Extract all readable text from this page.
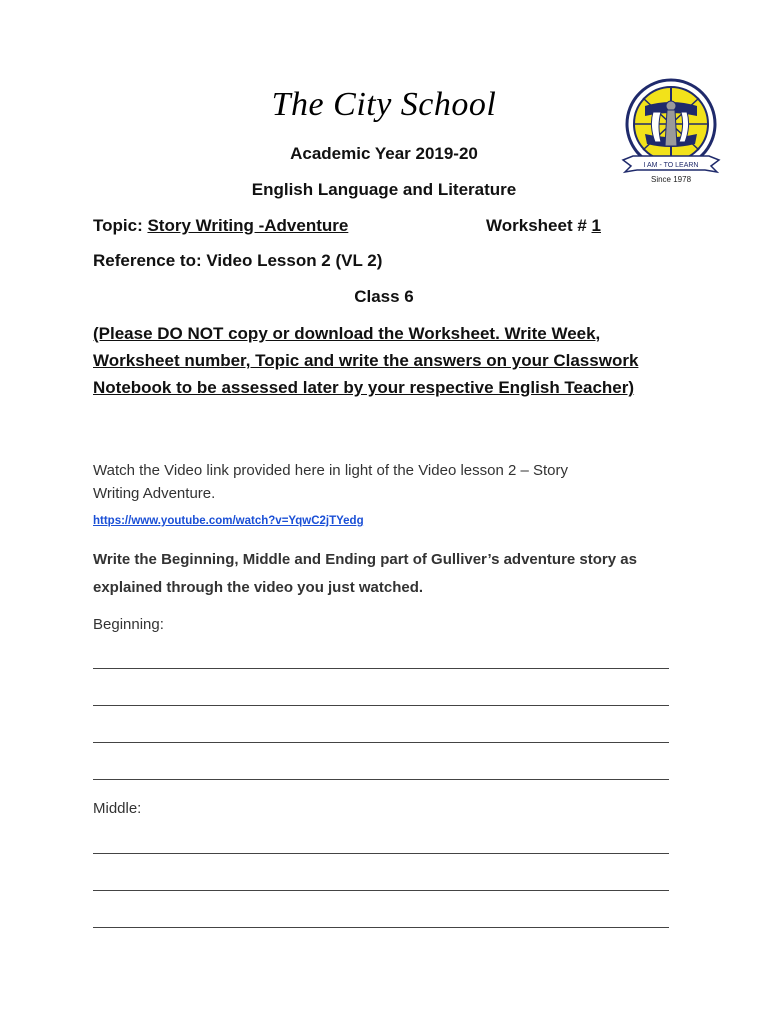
The City School
I AM - TO LEARN
Since 1978
Academic Year 2019-20
English Language and Literature
Topic: Story Writing -Adventure	Worksheet # 1
Reference to: Video Lesson 2 (VL 2)
Class 6
(Please DO NOT copy or download the Worksheet. Write Week,
Worksheet number, Topic and write the answers on your Classwork
Notebook to be assessed later by your respective English Teacher)
Watch the Video link provided here in light of the Video lesson 2 – Story
Writing Adventure.
https://www.youtube.com/watch?v=YqwC2jTYedg
Write the Beginning, Middle and Ending part of Gulliver’s adventure story as
explained through the video you just watched.
Beginning:
Middle:
